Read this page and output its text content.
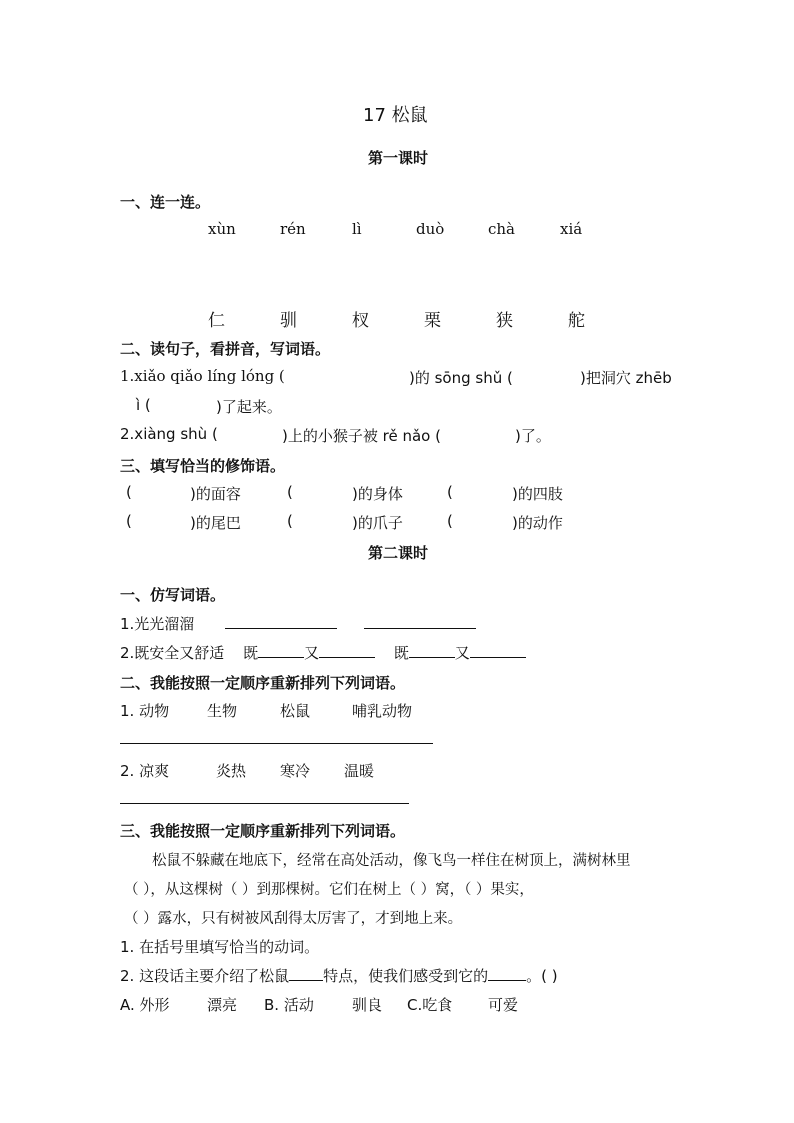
17 松鼠
第一课时
一、连一连。
xùn	rén	lì	duò	chà	xiá
仁	驯	杈	栗	狭	舵
二、读句子，看拼音，写词语。
1.xiǎo qiǎo líng lóng (	)的 sōng shǔ (	)把洞穴 zhēb
ì (	)了起来。
2.xiàng shù (	)上的小猴子被 rě nǎo (	)了。
三、填写恰当的修饰语。
(	)的面容	(	)的身体	(	)的四肢
(	)的尾巴	(	)的爪子	(	)的动作
第二课时
一、仿写词语。
1.光光溜溜
2.既安全又舒适 既	又	既	又
二、我能按照一定顺序重新排列下列词语。
1. 动物	生物	松鼠	哺乳动物
2. 凉爽	炎热 寒冷 温暖
三、我能按照一定顺序重新排列下列词语。
松鼠不躲藏在地底下，经常在高处活动，像飞鸟一样住在树顶上，满树林里
（ ），从这棵树（ ）到那棵树。它们在树上（ ）窝，（ ）果实，
（ ）露水，只有树被风刮得太厉害了，才到地上来。
1. 在括号里填写恰当的动词。
2. 这段话主要介绍了松鼠 特点，使我们感受到它的	。( )
A. 外形 漂亮 B. 活动	驯良 C.吃食 可爱
